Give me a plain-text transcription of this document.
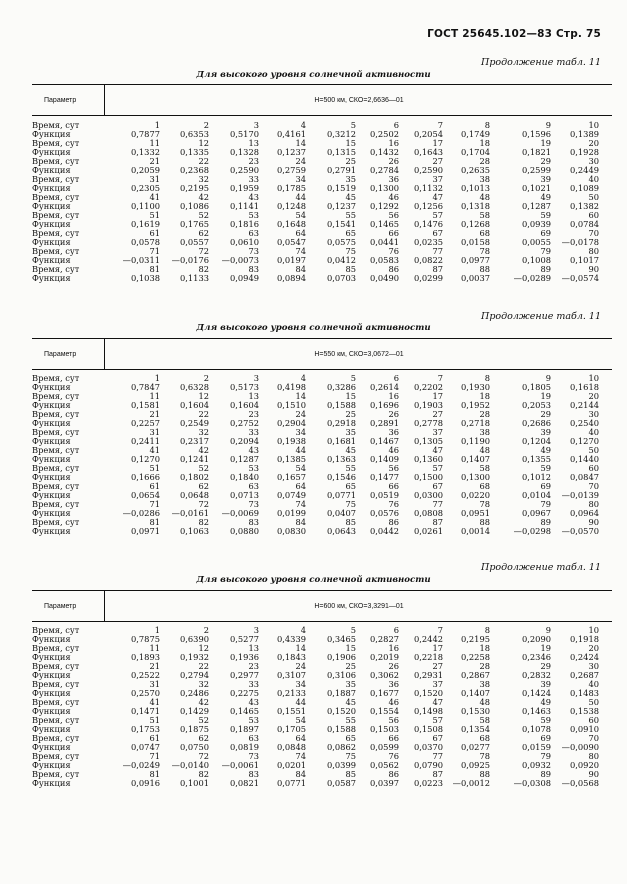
ГОСТ 25645.102—83 Стр. 75
Продолжение табл. 11
Для высокого уровня солнечной активности
Параметр	H=500 км, СКО=2,6636—01
Время, сут	1	2	3	4	5	6	7	8	9	10
Функция	0,7877	0,6353	0,5170	0,4161	0,3212	0,2502	0,2054	0,1749	0,1596	0,1389
Время, сут	11	12	13	14	15	16	17	18	19	20
Функция	0,1332	0,1335	0,1328	0,1237	0,1315	0,1432	0,1643	0,1704	0,1821	0,1928
Время, сут	21	22	23	24	25	26	27	28	29	30
Функция	0,2059	0,2368	0,2590	0,2759	0,2791	0,2784	0,2590	0,2635	0,2599	0,2449
Время, сут	31	32	33	34	35	36	37	38	39	40
Функция	0,2305	0,2195	0,1959	0,1785	0,1519	0,1300	0,1132	0,1013	0,1021	0,1089
Время, сут	41	42	43	44	45	46	47	48	49	50
Функция	0,1100	0,1086	0,1141	0,1248	0,1237	0,1292	0,1256	0,1318	0,1287	0,1382
Время, сут	51	52	53	54	55	56	57	58	59	60
Функция	0,1619	0,1765	0,1816	0,1648	0,1541	0,1465	0,1476	0,1268	0,0939	0,0784
Время, сут	61	62	63	64	65	66	67	68	69	70
Функция	0,0578	0,0557	0,0610	0,0547	0,0575	0,0441	0,0235	0,0158	0,0055	—0,0178
Время, сут	71	72	73	74	75	76	77	78	79	80
Функция	—0,0311	—0,0176	—0,0073	0,0197	0,0412	0,0583	0,0822	0,0977	0,1008	0,1017
Время, сут	81	82	83	84	85	86	87	88	89	90
Функция	0,1038	0,1133	0,0949	0,0894	0,0703	0,0490	0,0299	0,0037	—0,0289	—0,0574
Продолжение табл. 11
Для высокого уровня солнечной активности
Параметр	H=550 км, СКО=3,0672—01
Время, сут	1	2	3	4	5	6	7	8	9	10
Функция	0,7847	0,6328	0,5173	0,4198	0,3286	0,2614	0,2202	0,1930	0,1805	0,1618
Время, сут	11	12	13	14	15	16	17	18	19	20
Функция	0,1581	0,1604	0,1604	0,1510	0,1588	0,1696	0,1903	0,1952	0,2053	0,2144
Время, сут	21	22	23	24	25	26	27	28	29	30
Функция	0,2257	0,2549	0,2752	0,2904	0,2918	0,2891	0,2778	0,2718	0,2686	0,2540
Время, сут	31	32	33	34	35	36	37	38	39	40
Функция	0,2411	0,2317	0,2094	0,1938	0,1681	0,1467	0,1305	0,1190	0,1204	0,1270
Время, сут	41	42	43	44	45	46	47	48	49	50
Функция	0,1270	0,1241	0,1287	0,1385	0,1363	0,1409	0,1360	0,1407	0,1355	0,1440
Время, сут	51	52	53	54	55	56	57	58	59	60
Функция	0,1666	0,1802	0,1840	0,1657	0,1546	0,1477	0,1500	0,1300	0,1012	0,0847
Время, сут	61	62	63	64	65	66	67	68	69	70
Функция	0,0654	0,0648	0,0713	0,0749	0,0771	0,0519	0,0300	0,0220	0,0104	—0,0139
Время, сут	71	72	73	74	75	76	77	78	79	80
Функция	—0,0286	—0,0161	—0,0069	0,0199	0,0407	0,0576	0,0808	0,0951	0,0967	0,0964
Время, сут	81	82	83	84	85	86	87	88	89	90
Функция	0,0971	0,1063	0,0880	0,0830	0,0643	0,0442	0,0261	0,0014	—0,0298	—0,0570
Продолжение табл. 11
Для высокого уровня солнечной активности
Параметр	H=600 км, СКО=3,3291—01
Время, сут	1	2	3	4	5	6	7	8	9	10
Функция	0,7875	0,6390	0,5277	0,4339	0,3465	0,2827	0,2442	0,2195	0,2090	0,1918
Время, сут	11	12	13	14	15	16	17	18	19	20
Функция	0,1893	0,1932	0,1936	0,1843	0,1906	0,2019	0,2218	0,2258	0,2346	0,2424
Время, сут	21	22	23	24	25	26	27	28	29	30
Функция	0,2522	0,2794	0,2977	0,3107	0,3106	0,3062	0,2931	0,2867	0,2832	0,2687
Время, сут	31	32	33	34	35	36	37	38	39	40
Функция	0,2570	0,2486	0,2275	0,2133	0,1887	0,1677	0,1520	0,1407	0,1424	0,1483
Время, сут	41	42	43	44	45	46	47	48	49	50
Функция	0,1471	0,1429	0,1465	0,1551	0,1520	0,1554	0,1498	0,1530	0,1463	0,1538
Время, сут	51	52	53	54	55	56	57	58	59	60
Функция	0,1753	0,1875	0,1897	0,1705	0,1588	0,1503	0,1508	0,1354	0,1078	0,0910
Время, сут	61	62	63	64	65	66	67	68	69	70
Функция	0,0747	0,0750	0,0819	0,0848	0,0862	0,0599	0,0370	0,0277	0,0159	—0,0090
Время, сут	71	72	73	74	75	76	77	78	79	80
Функция	—0,0249	—0,0140	—0,0061	0,0201	0,0399	0,0562	0,0790	0,0925	0,0932	0,0920
Время, сут	81	82	83	84	85	86	87	88	89	90
Функция	0,0916	0,1001	0,0821	0,0771	0,0587	0,0397	0,0223	—0,0012	—0,0308	—0,0568
